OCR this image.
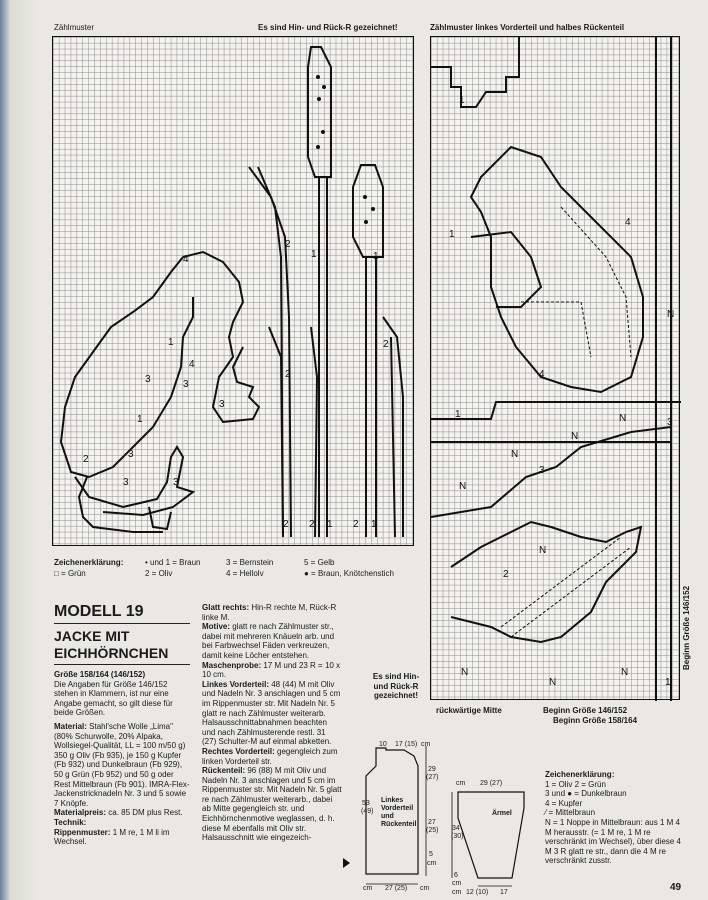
Zählmuster	Es sind Hin- und Rück-R gezeichnet!
4
3
1
3
4
1
3
2
3	3
3
2
1
2
1
2
2 2 1 2 1
Zeichenerklärung:
□ = Grün
• und 1 = Braun
2 = Oliv
3 = Bernstein
4 = Hellolv
5 = Gelb
● = Braun, Knötchenstich
Zählmuster linkes Vorderteil und halbes Rückenteil
1
1
4
4
1	N
N
3
N
2
N
N
N
3
1
N
N
N
Beginn Größe 146/152
rückwärtige Mitte	Beginn Größe 146/152
Beginn Größe 158/164
MODELL 19
JACKE MIT
EICHHÖRNCHEN

Größe 158/164 (146/152)

Die Angaben für Größe 146/152 stehen in Klammern, ist nur eine Angabe gemacht, so gilt diese für beide Größen.

Material: Stahl'sche Wolle „Lima" (80% Schurwolle, 20% Alpaka, Wollsiegel-Qualität, LL = 100 m/50 g) 350 g Oliv (Fb 935), je 150 g Kupfer (Fb 932) und Dunkelbraun (Fb 929), 50 g Grün (Fb 952) und 50 g oder Rest Mittelbraun (Fb 901). IMRA-Flex-Jackenstricknadeln Nr. 3 und 5 sowie 7 Knöpfe.

Materialpreis: ca. 85 DM plus Rest.

Technik:

Rippenmuster: 1 M re, 1 M li im Wechsel.

Glatt rechts: Hin-R rechte M, Rück-R linke M.

Motive: glatt re nach Zählmuster str., dabei mit mehreren Knäueln arb. und bei Farbwechsel Fäden verkreuzen, damit keine Löcher entstehen.

Maschenprobe: 17 M und 23 R = 10 x 10 cm.

Linkes Vorderteil: 48 (44) M mit Oliv und Nadeln Nr. 3 anschlagen und 5 cm im Rippenmuster str. Mit Nadeln Nr. 5 glatt re nach Zählmuster weiterarb. Halsausschnittabnahmen beachten und nach Zählmusterende restl. 31 (27) Schulter-M auf einmal abketten.

Rechtes Vorderteil: gegengleich zum linken Vorderteil str.

Rückenteil: 96 (88) M mit Oliv und Nadeln Nr. 3 anschlagen und 5 cm im Rippenmuster str. Mit Nadeln Nr. 5 glatt re nach Zählmuster weiterarb., dabei ab Mitte gegengleich str. und Eichhörnchenmotive weglassen, d. h. diese M ebenfalls mit Oliv str. Halsausschnitt wie eingezeich-

Es sind Hin- und Rück-R gezeichnet!
10 17 (15) cm
53
(49)
Linkes Vorderteil und Rückenteil
29
(27)
27
(25)
5
cm
cm 27 (25) cm
cm 29 (27)
Ärmel
34
(30)
6
cm
cm 12 (10) 17

Zeichenerklärung:

1 = Oliv 2 = Grün

3 und ● = Dunkelbraun

4 = Kupfer

⁄ = Mittelbraun

N = 1 Noppe in Mittelbraun: aus 1 M 4 M herausstr. (= 1 M re, 1 M re verschränkt im Wechsel), über diese 4 M 3 R glatt re str., dann die 4 M re verschränkt zusstr.

49
